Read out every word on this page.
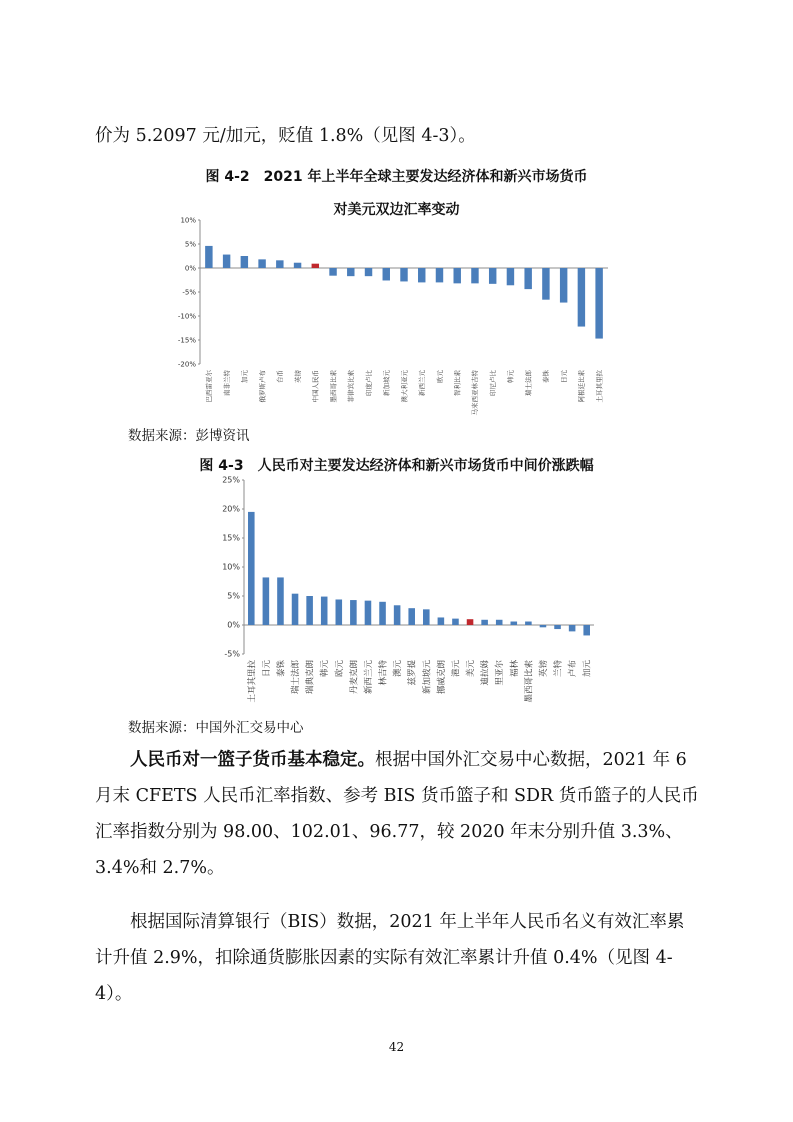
价为 5.2097 元/加元，贬值 1.8%（见图 4-3）。

图 4-2　2021 年上半年全球主要发达经济体和新兴市场货币
对美元双边汇率变动
10%
5%
0%
-5%
-10%
-15%
-20%
巴西雷亚尔 南非兰特 加元 俄罗斯卢布 台币 英镑 中国人民币 墨西哥比索 菲律宾比索 印度卢比 新加坡元 澳大利亚元 新西兰元 欧元 智利比索 马来西亚林吉特 印尼卢比 韩元 瑞士法郎 泰铢 日元 阿根廷比索 土耳其里拉
数据来源：彭博资讯
图 4-3　人民币对主要发达经济体和新兴市场货币中间价涨跌幅
25%
20%
15%
10%
5%
0%
-5%
土耳其里拉 日元 泰铢 瑞士法郎 瑞典克朗 韩元 欧元 丹麦克朗 新西兰元 林吉特 澳元 兹罗提 新加坡元 挪威克朗 港元 美元 迪拉姆 里亚尔 福林 墨西哥比索 英镑 兰特 卢布 加元
数据来源：中国外汇交易中心

人民币对一篮子货币基本稳定。根据中国外汇交易中心数据，2021 年 6 月末 CFETS 人民币汇率指数、参考 BIS 货币篮子和 SDR 货币篮子的人民币汇率指数分别为 98.00、102.01、96.77，较 2020 年末分别升值 3.3%、3.4%和 2.7%。

根据国际清算银行（BIS）数据，2021 年上半年人民币名义有效汇率累计升值 2.9%，扣除通货膨胀因素的实际有效汇率累计升值 0.4%（见图 4-4）。

42
